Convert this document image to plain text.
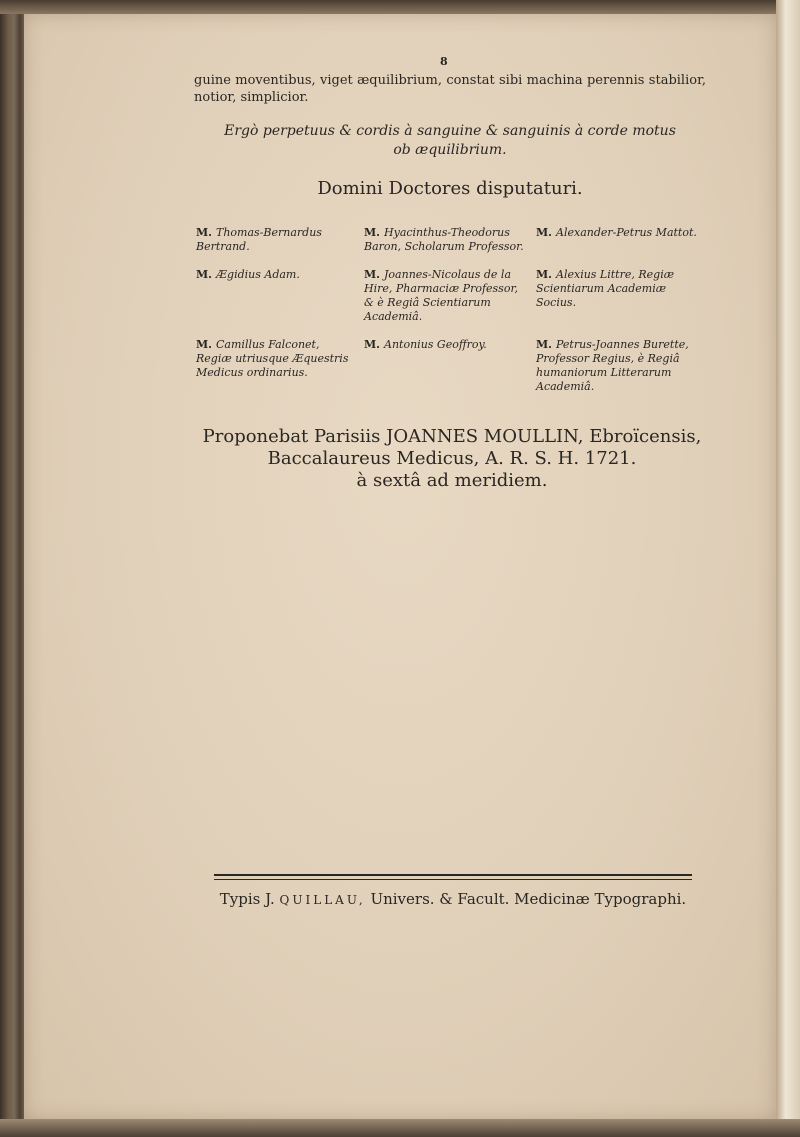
8
guine moventibus, viget æquilibrium, constat sibi machina perennis stabilior, notior, simplicior.
Ergò perpetuus & cordis à sanguine & sanguinis à corde motus
ob æquilibrium.
Domini Doctores disputaturi.
M. Thomas-Bernardus Bertrand.
M. Hyacinthus-Theodorus Baron, Scholarum Professor.
M. Alexander-Petrus Mattot.
M. Ægidius Adam.	M. Joannes-Nicolaus de la Hire, Pharmaciæ Professor, & è Regiâ Scientiarum Academiâ.
M. Alexius Littre, Regiæ Scientiarum Academiæ Socius.
M. Camillus Falconet, Regiæ utriusque Æquestris Medicus ordinarius.
M. Antonius Geoffroy.	M. Petrus-Joannes Burette, Professor Regius, è Regiâ humaniorum Litterarum Academiâ.
Proponebat Parisiis JOANNES MOULLIN, Ebroïcensis,
Baccalaureus Medicus, A. R. S. H. 1721.
à sextâ ad meridiem.
Typis J. QUILLAU, Univers. & Facult. Medicinæ Typographi.
